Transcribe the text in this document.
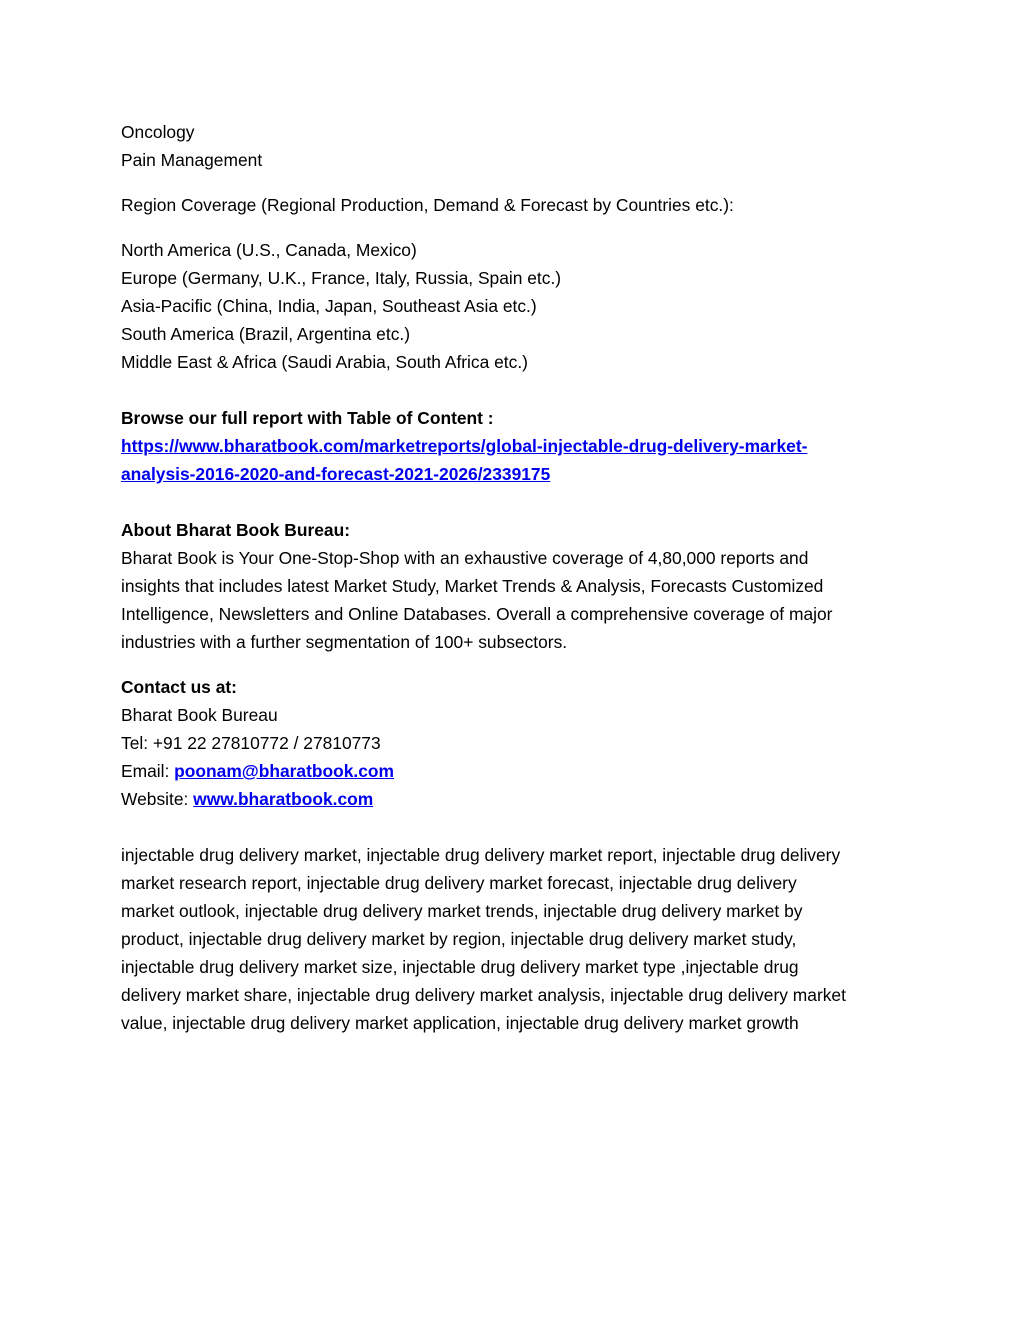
Oncology
Pain Management
Region Coverage (Regional Production, Demand & Forecast by Countries etc.):
North America (U.S., Canada, Mexico)
Europe (Germany, U.K., France, Italy, Russia, Spain etc.)
Asia-Pacific (China, India, Japan, Southeast Asia etc.)
South America (Brazil, Argentina etc.)
Middle East & Africa (Saudi Arabia, South Africa etc.)
Browse our full report with Table of Content :
https://www.bharatbook.com/marketreports/global-injectable-drug-delivery-market-
analysis-2016-2020-and-forecast-2021-2026/2339175
About Bharat Book Bureau:
Bharat Book is Your One-Stop-Shop with an exhaustive coverage of 4,80,000 reports and
insights that includes latest Market Study, Market Trends & Analysis, Forecasts Customized
Intelligence, Newsletters and Online Databases. Overall a comprehensive coverage of major
industries with a further segmentation of 100+ subsectors.
Contact us at:
Bharat Book Bureau
Tel: +91 22 27810772 / 27810773
Email: poonam@bharatbook.com
Website: www.bharatbook.com
injectable drug delivery market, injectable drug delivery market report, injectable drug delivery
market research report, injectable drug delivery market forecast, injectable drug delivery
market outlook, injectable drug delivery market trends, injectable drug delivery market by
product, injectable drug delivery market by region, injectable drug delivery market study,
injectable drug delivery market size, injectable drug delivery market type ,injectable drug
delivery market share, injectable drug delivery market analysis, injectable drug delivery market
value, injectable drug delivery market application, injectable drug delivery market growth
